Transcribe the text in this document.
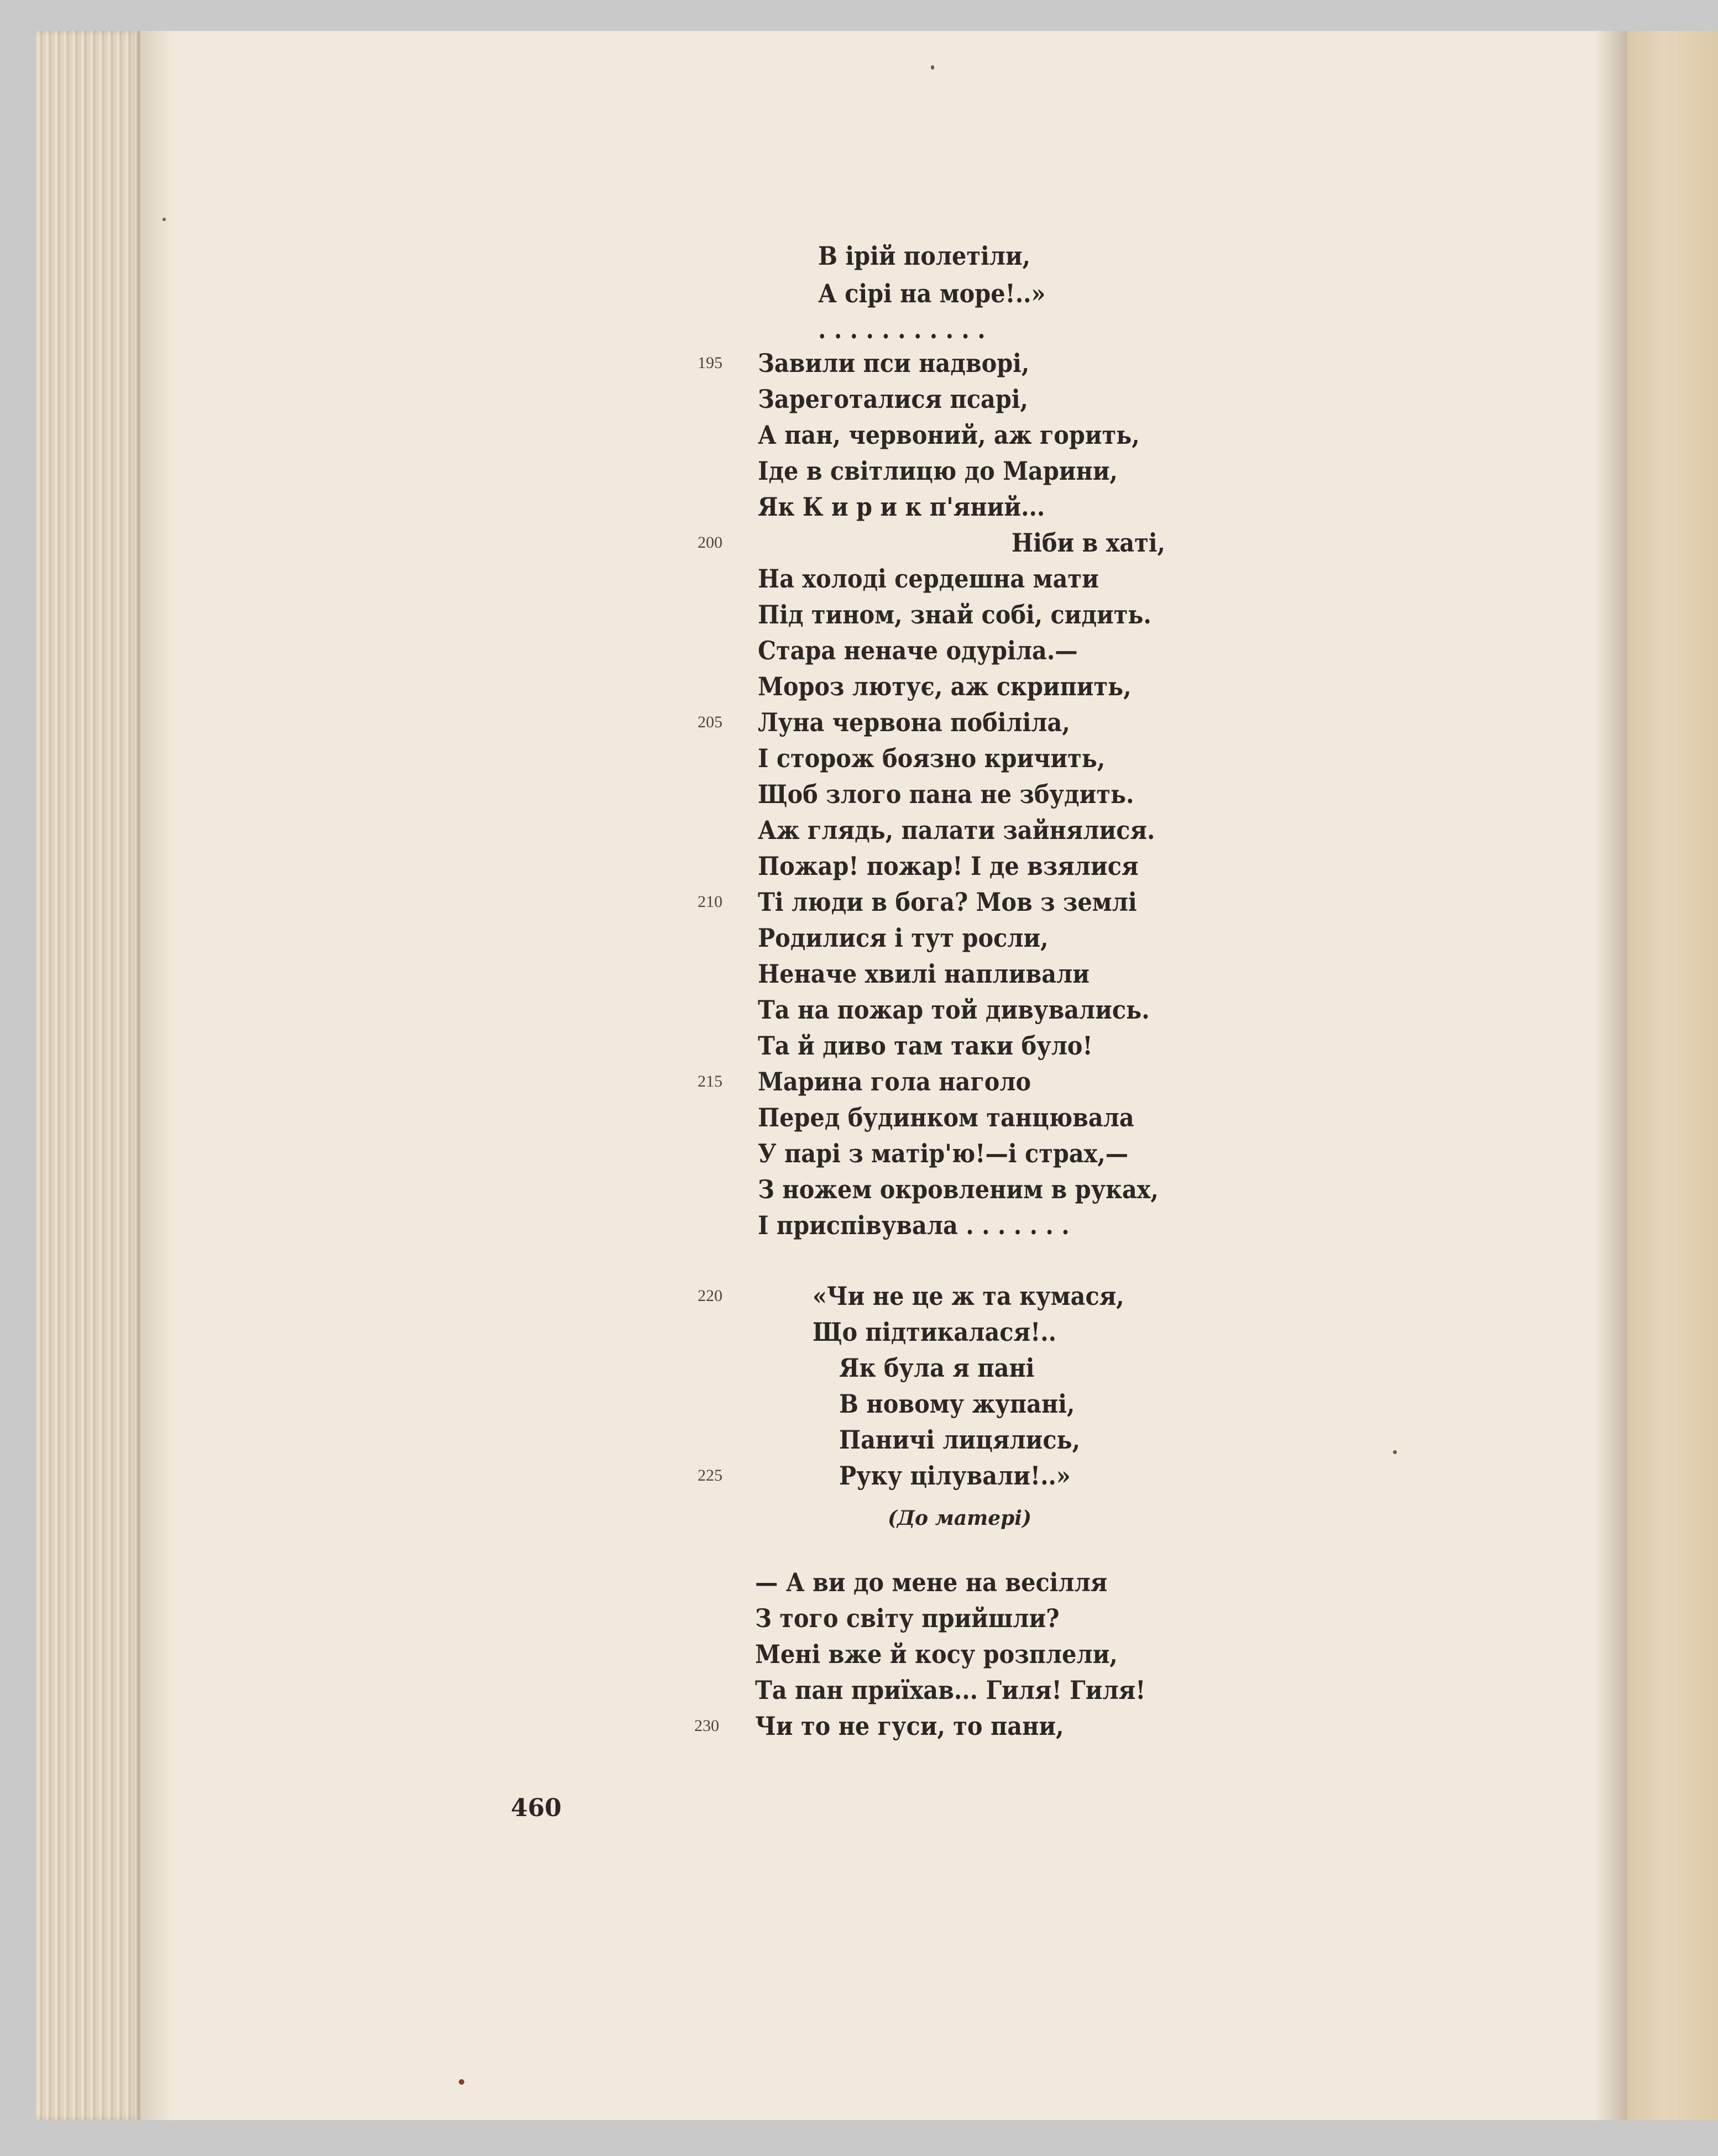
В ірій полетіли,

А сірі на море!..»

. . . . . . . . . . .

195 Завили пси надворі,

Зареготалися псарі,

А пан, червоний, аж горить,

Іде в світлицю до Марини,

Як К и р и к п'яний...

200	Ніби в хаті,

На холоді сердешна мати

Під тином, знай собі, сидить.

Стара неначе одуріла.—

Мороз лютує, аж скрипить,

205 Луна червона побіліла,

І сторож боязно кричить,

Щоб злого пана не збудить.

Аж глядь, палати зайнялися.

Пожар! пожар! І де взялися

210 Ті люди в бога? Мов з землі

Родилися і тут росли,

Неначе хвилі напливали

Та на пожар той дивувались.

Та й диво там таки було!

215 Марина гола наголо

Перед будинком танцювала

У парі з матір'ю!—і страх,—

З ножем окровленим в руках,

І приспівувала . . . . . . .

220	«Чи не це ж та кумася,

Що підтикалася!..

Як була я пані

В новому жупані,

Паничі лицялись,

225	Руку цілували!..»

(До матері)

— А ви до мене на весілля

З того світу прийшли?

Мені вже й косу розплели,

Та пан приїхав... Гиля! Гиля!

230 Чи то не гуси, то пани,

460
